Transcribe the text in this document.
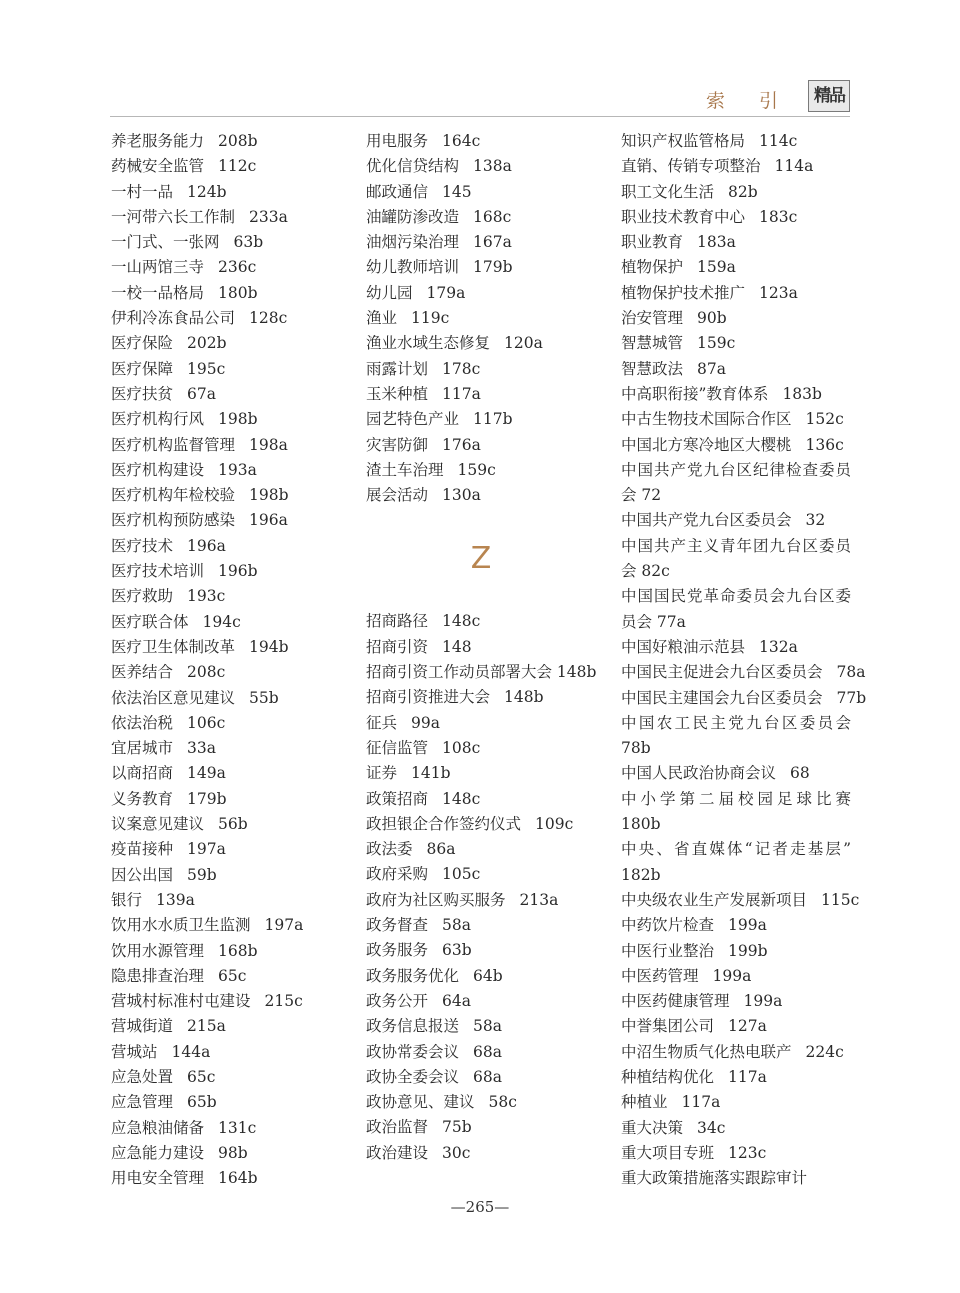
索 引	精品
养老服务能力 208b
药械安全监管 112c
一村一品 124b
一河带六长工作制 233a
一门式、一张网 63b
一山两馆三寺 236c
一校一品格局 180b
伊利冷冻食品公司 128c
医疗保险 202b
医疗保障 195c
医疗扶贫 67a
医疗机构行风 198b
医疗机构监督管理 198a
医疗机构建设 193a
医疗机构年检校验 198b
医疗机构预防感染 196a
医疗技术 196a
医疗技术培训 196b
医疗救助 193c
医疗联合体 194c
医疗卫生体制改革 194b
医养结合 208c
依法治区意见建议 55b
依法治税 106c
宜居城市 33a
以商招商 149a
义务教育 179b
议案意见建议 56b
疫苗接种 197a
因公出国 59b
银行 139a
饮用水水质卫生监测 197a
饮用水源管理 168b
隐患排查治理 65c
营城村标准村屯建设 215c
营城街道 215a
营城站 144a
应急处置 65c
应急管理 65b
应急粮油储备 131c
应急能力建设 98b
用电安全管理 164b
用电服务 164c
优化信贷结构 138a
邮政通信 145
油罐防渗改造 168c
油烟污染治理 167a
幼儿教师培训 179b
幼儿园 179a
渔业 119c
渔业水域生态修复 120a
雨露计划 178c
玉米种植 117a
园艺特色产业 117b
灾害防御 176a
渣土车治理 159c
展会活动 130a
Z
招商路径 148c
招商引资 148
招商引资工作动员部署大会 148b
招商引资推进大会 148b
征兵 99a
征信监管 108c
证券 141b
政策招商 148c
政担银企合作签约仪式 109c
政法委 86a
政府采购 105c
政府为社区购买服务 213a
政务督查 58a
政务服务 63b
政务服务优化 64b
政务公开 64a
政务信息报送 58a
政协常委会议 68a
政协全委会议 68a
政协意见、建议 58c
政治监督 75b
政治建设 30c
知识产权监管格局 114c
直销、传销专项整治 114a
职工文化生活 82b
职业技术教育中心 183c
职业教育 183a
植物保护 159a
植物保护技术推广 123a
治安管理 90b
智慧城管 159c
智慧政法 87a
中高职衔接”教育体系 183b
中古生物技术国际合作区 152c
中国北方寒冷地区大樱桃 136c
中国共产党九台区纪律检查委员会 72
中国共产党九台区委员会 32
中国共产主义青年团九台区委员会 82c
中国国民党革命委员会九台区委员会 77a
中国好粮油示范县 132a
中国民主促进会九台区委员会 78a
中国民主建国会九台区委员会 77b
中国农工民主党九台区委员会 78b
中国人民政治协商会议 68
中小学第二届校园足球比赛 180b
中央、省直媒体“记者走基层” 182b
中央级农业生产发展新项目 115c
中药饮片检查 199a
中医行业整治 199b
中医药管理 199a
中医药健康管理 199a
中誉集团公司 127a
中沼生物质气化热电联产 224c
种植结构优化 117a
种植业 117a
重大决策 34c
重大项目专班 123c
重大政策措施落实跟踪审计
—265—
